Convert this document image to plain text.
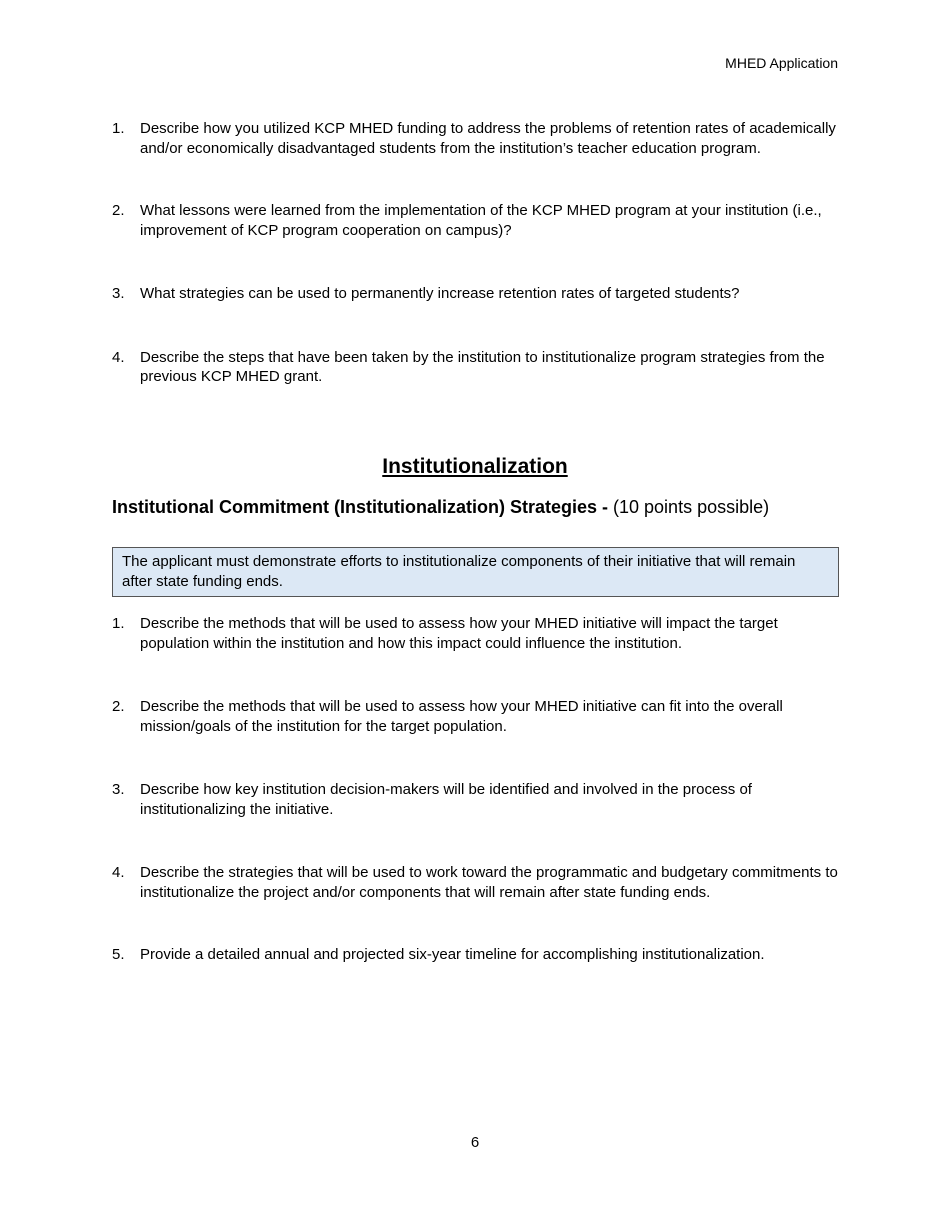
MHED Application
1.	Describe how you utilized KCP MHED funding to address the problems of retention rates of academically and/or economically disadvantaged students from the institution’s teacher education program.
2.	What lessons were learned from the implementation of the KCP MHED program at your institution (i.e., improvement of KCP program cooperation on campus)?
3.	What strategies can be used to permanently increase retention rates of targeted students?
4.	Describe the steps that have been taken by the institution to institutionalize program strategies from the previous KCP MHED grant.
Institutionalization
Institutional Commitment (Institutionalization) Strategies - (10 points possible)
The applicant must demonstrate efforts to institutionalize components of their initiative that will remain after state funding ends.
1.	Describe the methods that will be used to assess how your MHED initiative will impact the target population within the institution and how this impact could influence the institution.
2.	Describe the methods that will be used to assess how your MHED initiative can fit into the overall mission/goals of the institution for the target population.
3.	Describe how key institution decision-makers will be identified and involved in the process of institutionalizing the initiative.
4.	Describe the strategies that will be used to work toward the programmatic and budgetary commitments to institutionalize the project and/or components that will remain after state funding ends.
5.	Provide a detailed annual and projected six-year timeline for accomplishing institutionalization.
6
